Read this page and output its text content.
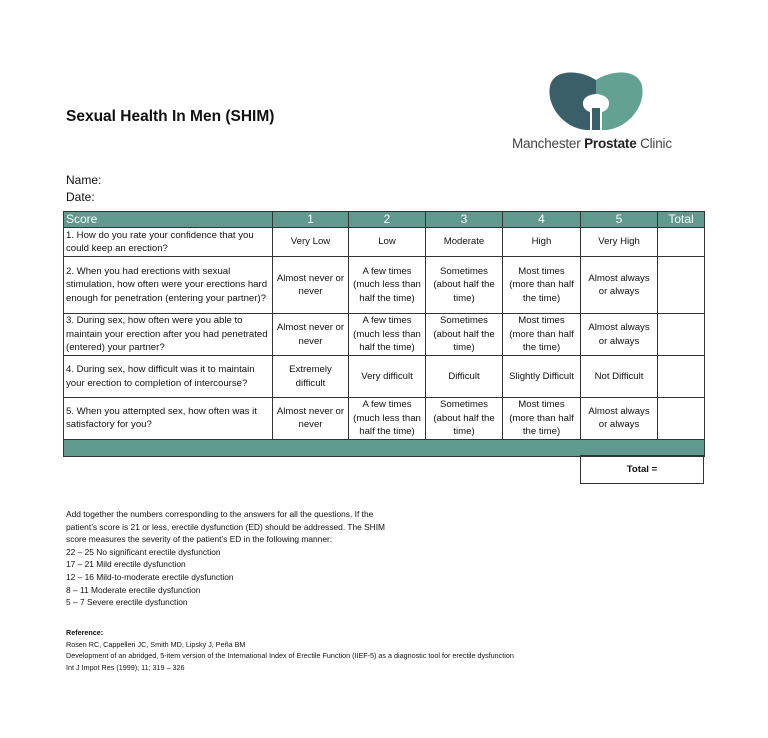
Sexual Health In Men (SHIM)
Manchester Prostate Clinic
Name:
Date:
Score	1	2	3	4	5	Total
1. How do you rate your confidence that you could keep an erection?	Very Low	Low	Moderate	High	Very High	
2. When you had erections with sexual stimulation, how often were your erections hard enough for penetration (entering your partner)?	Almost never or never	A few times (much less than half the time)	Sometimes (about half the time)	Most times (more than half the time)	Almost always or always	
3. During sex, how often were you able to maintain your erection after you had penetrated (entered) your partner?	Almost never or never	A few times (much less than half the time)	Sometimes (about half the time)	Most times (more than half the time)	Almost always or always	
4. During sex, how difficult was it to maintain your erection to completion of intercourse?	Extremely difficult	Very difficult	Difficult	Slightly Difficult	Not Difficult	
5. When you attempted sex, how often was it satisfactory for you?	Almost never or never	A few times (much less than half the time)	Sometimes (about half the time)	Most times (more than half the time)	Almost always or always	

Total =
Add together the numbers corresponding to the answers for all the questions. If the patient’s score is 21 or less, erectile dysfunction (ED) should be addressed. The SHIM score measures the severity of the patient’s ED in the following manner:
22 – 25 No significant erectile dysfunction
17 – 21 Mild erectile dysfunction
12 – 16 Mild-to-moderate erectile dysfunction
8 – 11 Moderate erectile dysfunction
5 – 7 Severe erectile dysfunction
Reference:
Rosen RC, Cappelleri JC, Smith MD, Lipsky J, Peña BM
Development of an abridged, 5-item version of the International Index of Erectile Function (IIEF-5) as a diagnostic tool for erectile dysfunction
Int J Impot Res (1999); 11; 319 – 326
